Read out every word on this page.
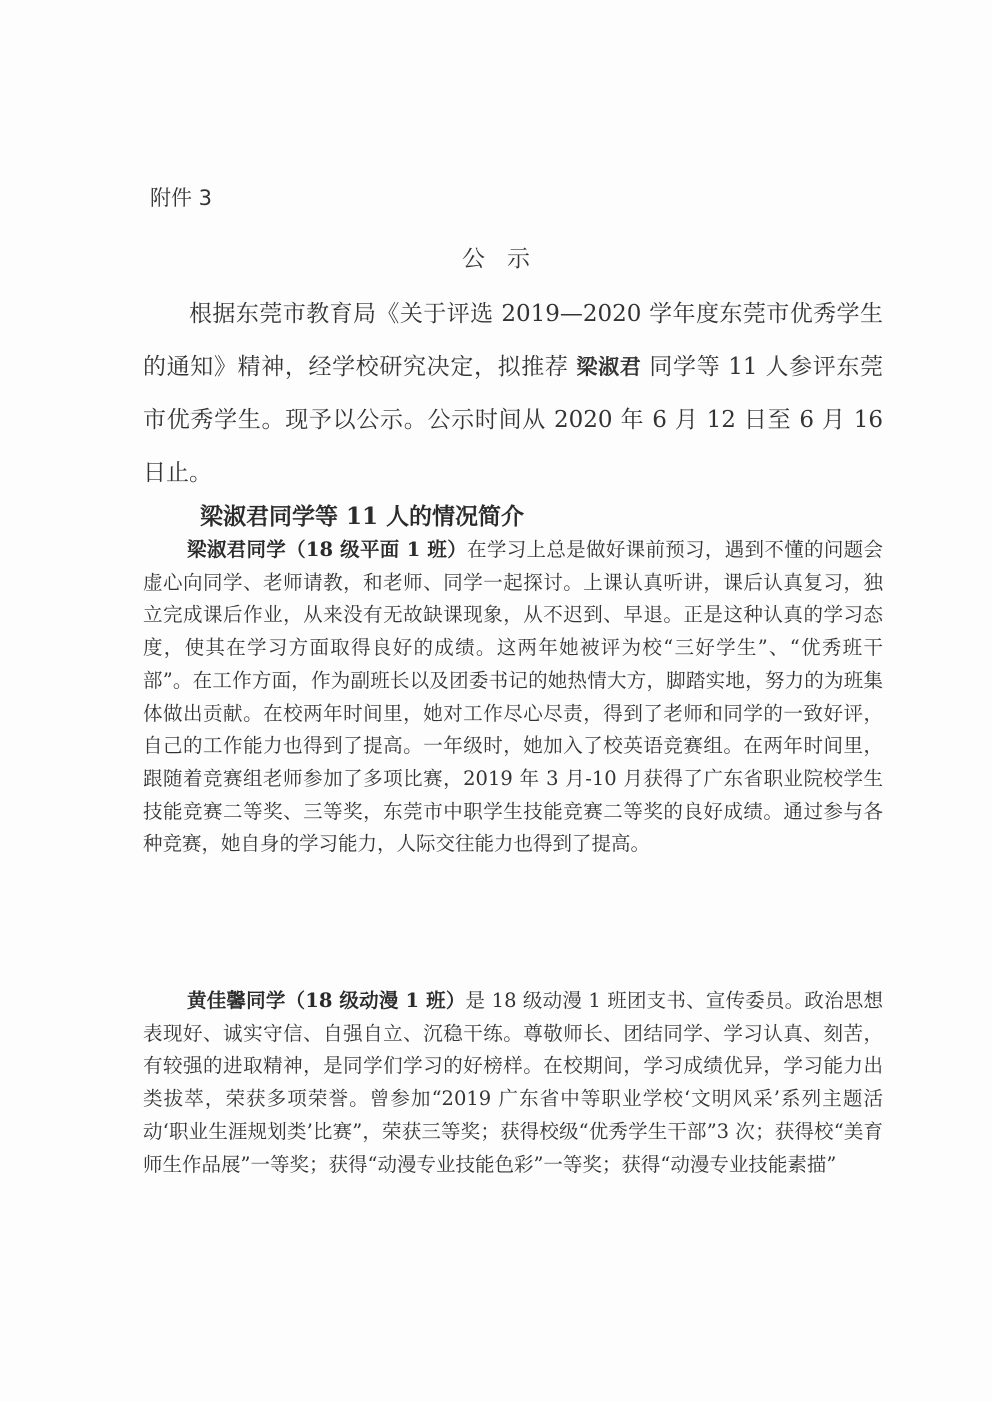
附件 3
公示

根据东莞市教育局《关于评选 2019—2020 学年度东莞市优秀学生的通知》精神，经学校研究决定，拟推荐 梁淑君 同学等 11 人参评东莞市优秀学生。现予以公示。公示时间从 2020 年 6 月 12 日至 6 月 16 日止。

梁淑君同学等 11 人的情况简介

梁淑君同学（18 级平面 1 班）在学习上总是做好课前预习，遇到不懂的问题会虚心向同学、老师请教，和老师、同学一起探讨。上课认真听讲，课后认真复习，独立完成课后作业，从来没有无故缺课现象，从不迟到、早退。正是这种认真的学习态度，使其在学习方面取得良好的成绩。这两年她被评为校“三好学生”、“优秀班干部”。在工作方面，作为副班长以及团委书记的她热情大方，脚踏实地，努力的为班集体做出贡献。在校两年时间里，她对工作尽心尽责，得到了老师和同学的一致好评，自己的工作能力也得到了提高。一年级时，她加入了校英语竞赛组。在两年时间里，跟随着竞赛组老师参加了多项比赛，2019 年 3 月-10 月获得了广东省职业院校学生技能竞赛二等奖、三等奖，东莞市中职学生技能竞赛二等奖的良好成绩。通过参与各种竞赛，她自身的学习能力，人际交往能力也得到了提高。

黄佳馨同学（18 级动漫 1 班）是 18 级动漫 1 班团支书、宣传委员。政治思想表现好、诚实守信、自强自立、沉稳干练。尊敬师长、团结同学、学习认真、刻苦，有较强的进取精神，是同学们学习的好榜样。在校期间，学习成绩优异，学习能力出类拔萃，荣获多项荣誉。曾参加“2019 广东省中等职业学校‘文明风采’系列主题活动‘职业生涯规划类’比赛”，荣获三等奖；获得校级“优秀学生干部”3 次；获得校“美育师生作品展”一等奖；获得“动漫专业技能色彩”一等奖；获得“动漫专业技能素描”
